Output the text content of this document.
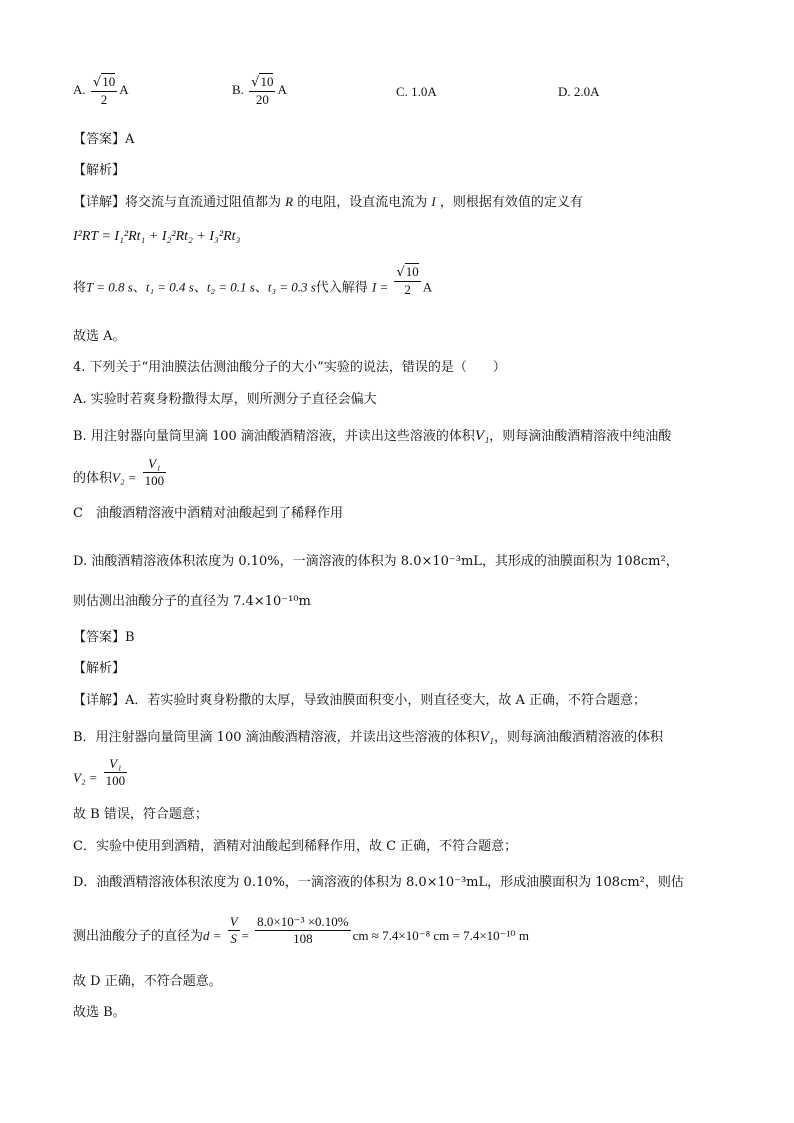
A. $\frac{√10}{2}$ A	B. $\frac{√10}{20}$ A	C. 1.0A	D. 2.0A
【答案】A
【解析】
【详解】将交流与直流通过阻值都为 R 的电阻，设直流电流为 I ，则根据有效值的定义有
I²RT = I₁²Rt₁ + I₂²Rt₂ + I₃²Rt₃
将T = 0.8 s、t₁ = 0.4 s、t₂ = 0.1 s、t₃ = 0.3 s代入解得 $I = \frac{√10}{2}$ A
故选 A。
4. 下列关于“用油膜法估测油酸分子的大小”实验的说法，错误的是（　　）
A. 实验时若爽身粉撒得太厚，则所测分子直径会偏大
B. 用注射器向量筒里滴 100 滴油酸酒精溶液，并读出这些溶液的体积V₁，则每滴油酸酒精溶液中纯油酸
的体积$V_2 = \frac{\text{V₁}}{100}$
C　油酸酒精溶液中酒精对油酸起到了稀释作用
D. 油酸酒精溶液体积浓度为 0.10%，一滴溶液的体积为 8.0×10⁻³mL，其形成的油膜面积为 108cm²，
则估测出油酸分子的直径为 7.4×10⁻¹⁰m
【答案】B
【解析】
【详解】A．若实验时爽身粉撒的太厚，导致油膜面积变小，则直径变大，故 A 正确，不符合题意；
B．用注射器向量筒里滴 100 滴油酸酒精溶液，并读出这些溶液的体积V₁，则每滴油酸酒精溶液的体积
$V_2 = \frac{\text{V₁}}{100}$
故 B 错误，符合题意；
C．实验中使用到酒精，酒精对油酸起到稀释作用，故 C 正确，不符合题意；
D．油酸酒精溶液体积浓度为 0.10%，一滴溶液的体积为 8.0×10⁻³mL，形成油膜面积为 108cm²，则估
测出油酸分子的直径为$d = \frac{V}{S} = \frac{\text{8.0×10⁻³ ×0.10\%}}{108}$ cm ≈ 7.4×10⁻⁸ cm = 7.4×10⁻¹⁰ m
故 D 正确，不符合题意。
故选 B。
